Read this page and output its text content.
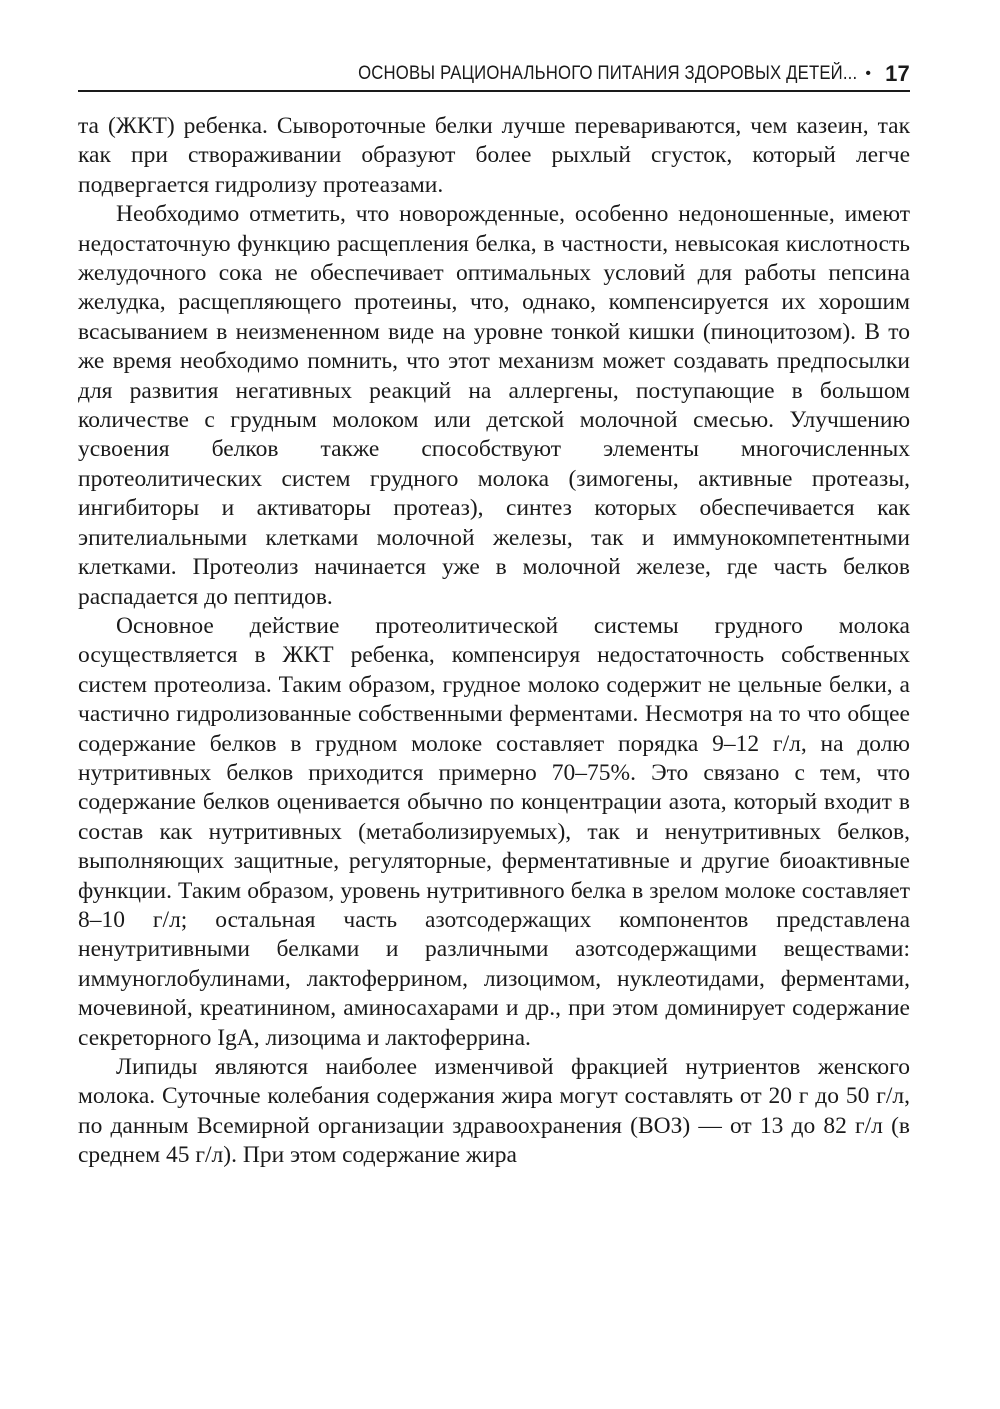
ОСНОВЫ РАЦИОНАЛЬНОГО ПИТАНИЯ ЗДОРОВЫХ ДЕТЕЙ... • 17

та (ЖКТ) ребенка. Сывороточные белки лучше перевариваются, чем казеин, так как при створаживании образуют более рыхлый сгусток, который легче подвергается гидролизу протеазами.

Необходимо отметить, что новорожденные, особенно недоношенные, имеют недостаточную функцию расщепления белка, в частности, невысокая кислотность желудочного сока не обеспечивает оптимальных условий для работы пепсина желудка, расщепляющего протеины, что, однако, компенсируется их хорошим всасыванием в неизмененном виде на уровне тонкой кишки (пиноцитозом). В то же время необходимо помнить, что этот механизм может создавать предпосылки для развития негативных реакций на аллергены, поступающие в большом количестве с грудным молоком или детской молочной смесью. Улучшению усвоения белков также способствуют элементы многочисленных протеолитических систем грудного молока (зимогены, активные протеазы, ингибиторы и активаторы протеаз), синтез которых обеспечивается как эпителиальными клетками молочной железы, так и иммунокомпетентными клетками. Протеолиз начинается уже в молочной железе, где часть белков распадается до пептидов.

Основное действие протеолитической системы грудного молока осуществляется в ЖКТ ребенка, компенсируя недостаточность собственных систем протеолиза. Таким образом, грудное молоко содержит не цельные белки, а частично гидролизованные собственными ферментами. Несмотря на то что общее содержание белков в грудном молоке составляет порядка 9–12 г/л, на долю нутритивных белков приходится примерно 70–75%. Это связано с тем, что содержание белков оценивается обычно по концентрации азота, который входит в состав как нутритивных (метаболизируемых), так и ненутритивных белков, выполняющих защитные, регуляторные, ферментативные и другие биоактивные функции. Таким образом, уровень нутритивного белка в зрелом молоке составляет 8–10 г/л; остальная часть азотсодержащих компонентов представлена ненутритивными белками и различными азотсодержащими веществами: иммуноглобулинами, лактоферрином, лизоцимом, нуклеотидами, ферментами, мочевиной, креатинином, аминосахарами и др., при этом доминирует содержание секреторного IgA, лизоцима и лактоферрина.

Липиды являются наиболее изменчивой фракцией нутриентов женского молока. Суточные колебания содержания жира могут составлять от 20 г до 50 г/л, по данным Всемирной организации здравоохранения (ВОЗ) — от 13 до 82 г/л (в среднем 45 г/л). При этом содержание жира
